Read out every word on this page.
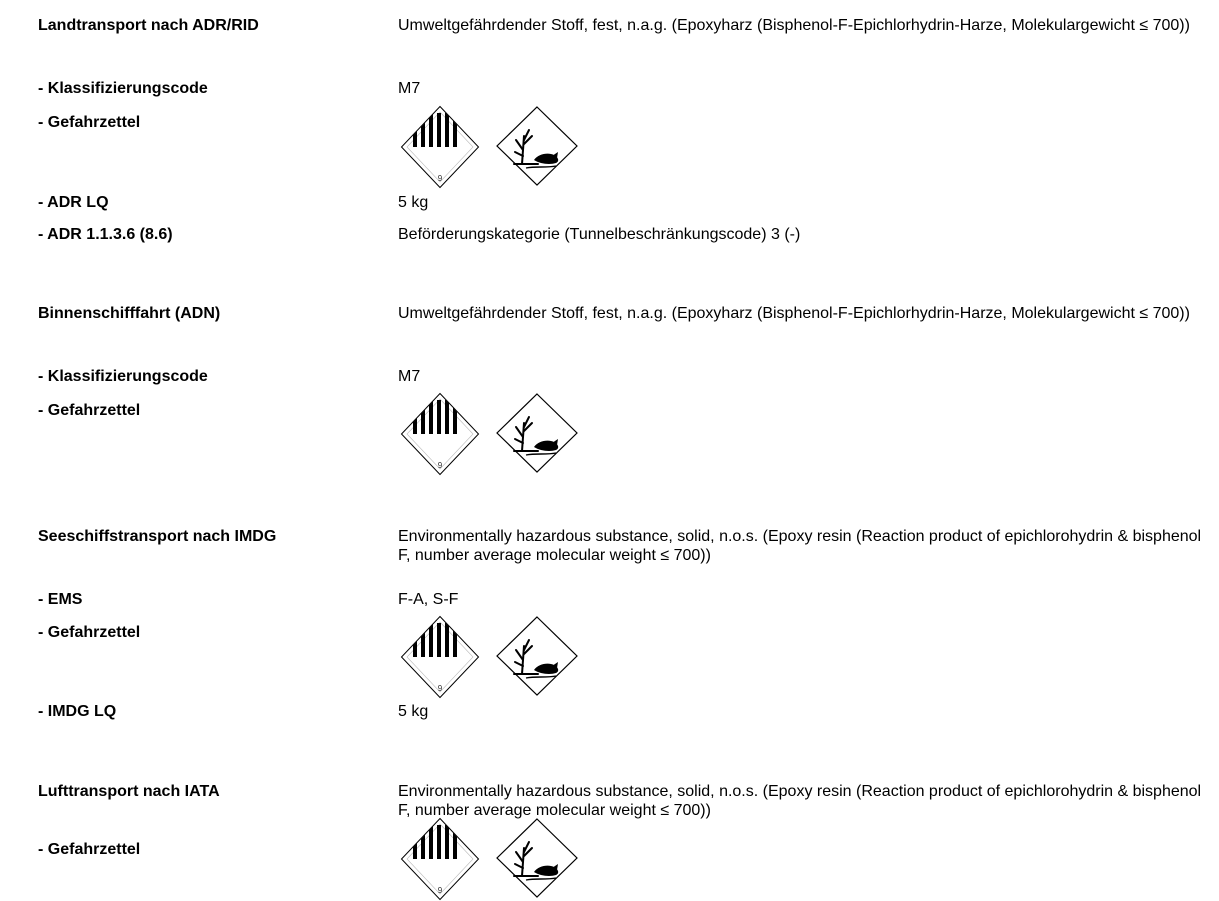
Landtransport nach ADR/RID	Umweltgefährdender Stoff, fest, n.a.g. (Epoxyharz (Bisphenol-F-Epichlorhydrin-Harze, Molekulargewicht ≤ 700))
- Klassifizierungscode	M7
- Gefahrzettel
- ADR LQ	5 kg
- ADR 1.1.3.6 (8.6)	Beförderungskategorie (Tunnelbeschränkungscode) 3 (-)
Binnenschifffahrt (ADN)	Umweltgefährdender Stoff, fest, n.a.g. (Epoxyharz (Bisphenol-F-Epichlorhydrin-Harze, Molekulargewicht ≤ 700))
- Klassifizierungscode	M7
- Gefahrzettel
Seeschiffstransport nach IMDG	Environmentally hazardous substance, solid, n.o.s. (Epoxy resin (Reaction product of epichlorohydrin & bisphenol F, number average molecular weight ≤ 700))
- EMS	F-A, S-F
- Gefahrzettel
- IMDG LQ	5 kg
Lufttransport nach IATA	Environmentally hazardous substance, solid, n.o.s. (Epoxy resin (Reaction product of epichlorohydrin & bisphenol F, number average molecular weight ≤ 700))
- Gefahrzettel
